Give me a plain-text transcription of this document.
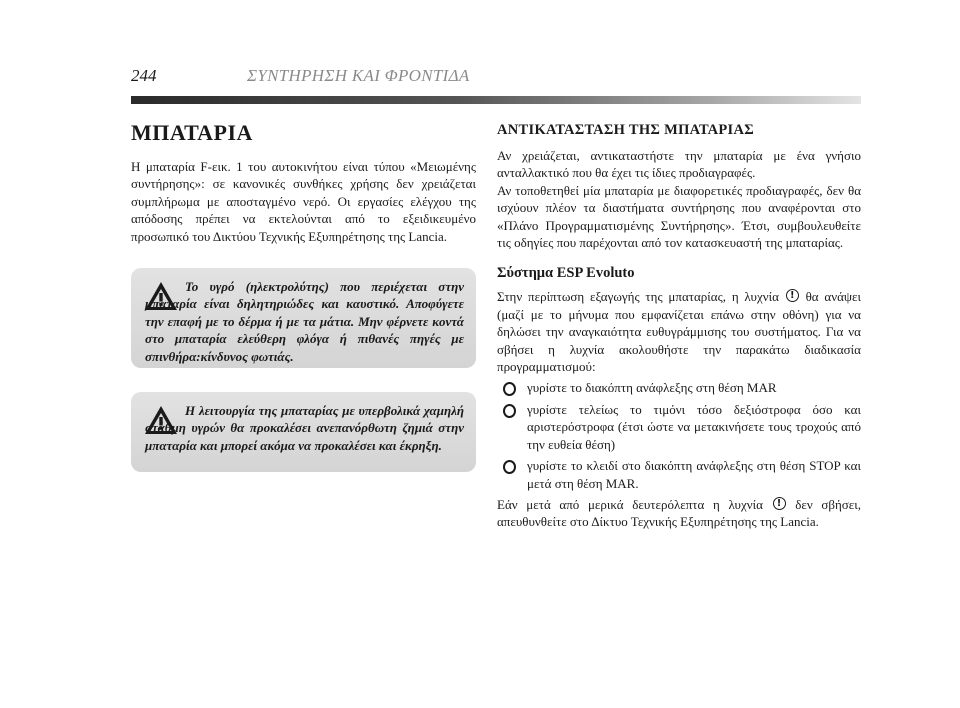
244	ΣΥΝΤΗΡΗΣΗ ΚΑΙ ΦΡΟΝΤΙΔΑ
ΜΠΑΤΑΡΙΑ

Η μπαταρία F-εικ. 1 του αυτοκινήτου είναι τύπου «Μειωμένης συντήρησης»: σε κανονικές συνθήκες χρήσης δεν χρειάζεται συμπλήρωμα με αποσταγμένο νερό. Οι εργασίες ελέγχου της απόδοσης πρέπει να εκτελούνται από το εξειδικευμένο προσωπικό του Δικτύου Τεχνικής Εξυπηρέτησης της Lancia.

Το υγρό (ηλεκτρολύτης) που περιέχεται στην μπαταρία είναι δηλητηριώδες και καυστικό. Αποφύγετε την επαφή με το δέρμα ή με τα μάτια. Μην φέρνετε κοντά στο μπαταρία ελεύθερη φλόγα ή πιθανές πηγές με σπινθήρα:κίνδυνος φωτιάς.

Η λειτουργία της μπαταρίας με υπερβολικά χαμηλή στάθμη υγρών θα προκαλέσει ανεπανόρθωτη ζημιά στην μπαταρία και μπορεί ακόμα να προκαλέσει και έκρηξη.

ΑΝΤΙΚΑΤΑΣΤΑΣΗ ΤΗΣ ΜΠΑΤΑΡΙΑΣ

Αν χρειάζεται, αντικαταστήστε την μπαταρία με ένα γνήσιο ανταλλακτικό που θα έχει τις ίδιες προδιαγραφές.

Αν τοποθετηθεί μία μπαταρία με διαφορετικές προδιαγραφές, δεν θα ισχύουν πλέον τα διαστήματα συντήρησης που αναφέρονται στο «Πλάνο Προγραμματισμένης Συντήρησης». Έτσι, συμβουλευθείτε τις οδηγίες που παρέχονται από τον κατασκευαστή της μπαταρίας.

Σύστημα ESP Evoluto

Στην περίπτωση εξαγωγής της μπαταρίας, η λυχνία ! θα ανάψει (μαζί με το μήνυμα που εμφανίζεται επάνω στην οθόνη) για να δηλώσει την αναγκαιότητα ευθυγράμμισης του συστήματος. Για να σβήσει η λυχνία ακολουθήστε την παρακάτω διαδικασία προγραμματισμού:

γυρίστε το διακόπτη ανάφλεξης στη θέση MAR
γυρίστε τελείως το τιμόνι τόσο δεξιόστροφα όσο και αριστερόστροφα (έτσι ώστε να μετακινήσετε τους τροχούς από την ευθεία θέση)
γυρίστε το κλειδί στο διακόπτη ανάφλεξης στη θέση STOP και μετά στη θέση MAR.

Εάν μετά από μερικά δευτερόλεπτα η λυχνία ! δεν σβήσει, απευθυνθείτε στο Δίκτυο Τεχνικής Εξυπηρέτησης της Lancia.
